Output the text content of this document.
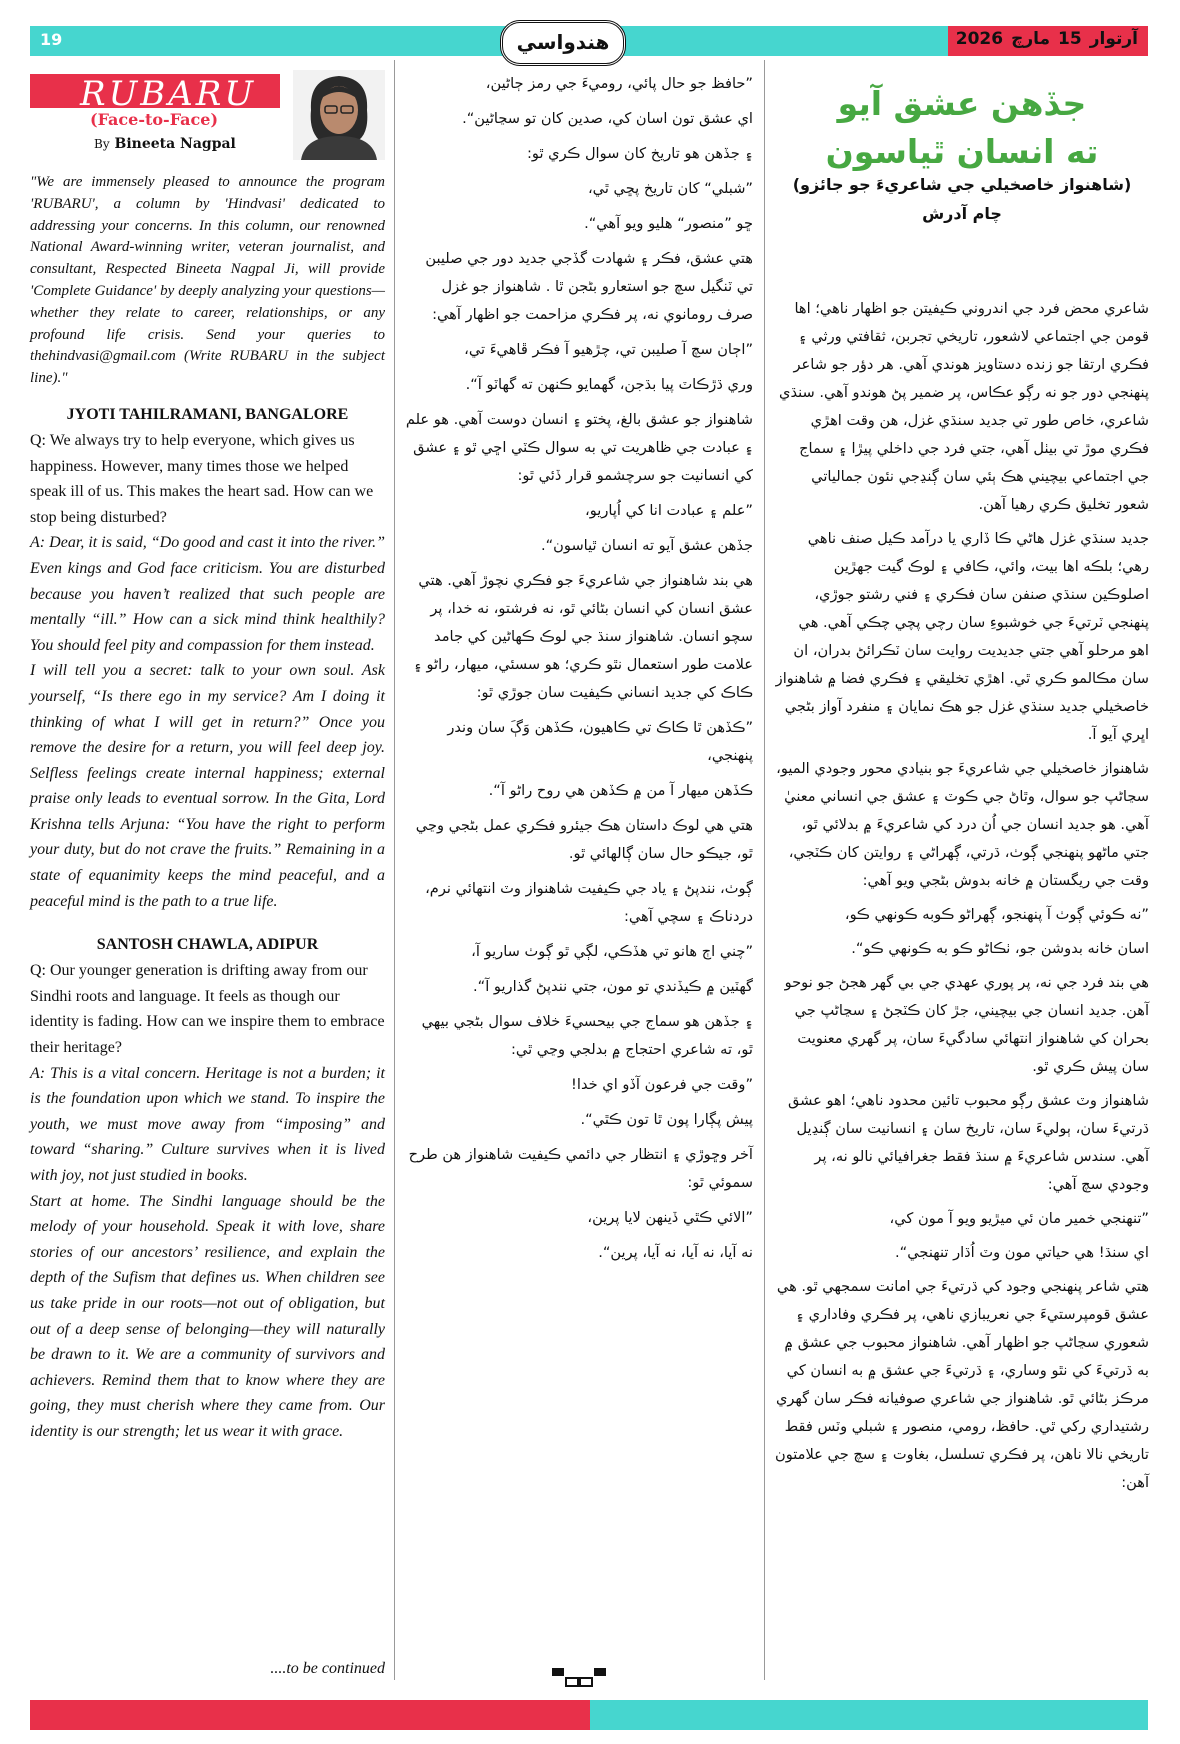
19	آرتوار15مارچ2026
هندواسي
RUBARU
(Face-to-Face)
By Bineeta Nagpal

"We are immensely pleased to announce the program 'RUBARU', a column by 'Hindvasi' dedicated to addressing your concerns. In this column, our renowned National Award-winning writer, veteran journalist, and consultant, Respected Bineeta Nagpal Ji, will provide 'Complete Guidance' by deeply analyzing your questions—whether they relate to career, relationships, or any profound life crisis. Send your queries to thehindvasi@gmail.com (Write RUBARU in the subject line)."

JYOTI TAHILRAMANI, BANGALORE

Q: We always try to help everyone, which gives us happiness. However, many times those we helped speak ill of us. This makes the heart sad. How can we stop being disturbed?

A: Dear, it is said, “Do good and cast it into the river.” Even kings and God face criticism. You are disturbed because you haven’t realized that such people are mentally “ill.” How can a sick mind think healthily? You should feel pity and compassion for them instead.

I will tell you a secret: talk to your own soul. Ask yourself, “Is there ego in my service? Am I doing it thinking of what I will get in return?” Once you remove the desire for a return, you will feel deep joy. Selfless feelings create internal happiness; external praise only leads to eventual sorrow. In the Gita, Lord Krishna tells Arjuna: “You have the right to perform your duty, but do not crave the fruits.” Remaining in a state of equanimity keeps the mind peaceful, and a peaceful mind is the path to a true life.

SANTOSH CHAWLA, ADIPUR

Q: Our younger generation is drifting away from our Sindhi roots and language. It feels as though our identity is fading. How can we inspire them to embrace their heritage?

A: This is a vital concern. Heritage is not a burden; it is the foundation upon which we stand. To inspire the youth, we must move away from “imposing” and toward “sharing.” Culture survives when it is lived with joy, not just studied in books.

Start at home. The Sindhi language should be the melody of your household. Speak it with love, share stories of our ancestors’ resilience, and explain the depth of the Sufism that defines us. When children see us take pride in our roots—not out of obligation, but out of a deep sense of belonging—they will naturally be drawn to it. We are a community of survivors and achievers. Remind them that to know where they are going, they must cherish where they came from. Our identity is our strength; let us wear it with grace.

....to be continued

”حافظ جو حال پائي، روميءَ جي رمز ڄاڻين،

اي عشق تون اسان کي، صدين کان تو سڃاڻين“.

۽ جڏهن هو تاريخ کان سوال ڪري ٿو:

”شبلي“ کان تاريخ پڇي ٿي،

ڇو ”منصور“ هليو ويو آهي“.

هتي عشق، فڪر ۽ شهادت گڏجي جديد دور جي صليبن تي ٽنگيل سچ جو استعارو بڻجن ٿا . شاهنواز جو غزل صرف رومانوي نه، پر فڪري مزاحمت جو اظهار آهي:

”اڄان سچ آ صليبن تي، چڙهيو آ فڪر ڦاهيءَ تي،

وري ڌڙڪاٽ پيا بڌجن، گهمايو ڪنهن ته گهاٽو آ“.

شاهنواز جو عشق بالغ، پختو ۽ انسان دوست آهي. هو علم ۽ عبادت جي ظاهريت تي به سوال ڪٽي اڇي ٿو ۽ عشق کي انسانيت جو سرچشمو قرار ڏئي ٿو:

”علم ۽ عبادت انا کي اُپاريو،

جڏهن عشق آيو ته انسان ٿياسون“.

هي بند شاهنواز جي شاعريءَ جو فڪري نچوڙ آهي. هتي عشق انسان کي انسان بڻائي ٿو، نه فرشتو، نه خدا، پر سچو انسان. شاهنواز سنڌ جي لوڪ ڪهاڻين کي جامد علامت طور استعمال نٿو ڪري؛ هو سسئي، ميهار، راڻو ۽ ڪاڪ کي جديد انساني ڪيفيت سان جوڙي ٿو:

”ڪڏهن ٿا ڪاڪ تي ڪاهيون، ڪڏهن وَڳَ سان وندر پنهنجي،

ڪڏهن ميهار آ من ۾ ڪڏهن هي روح راڻو آ“.

هتي هي لوڪ داستان هڪ جيئرو فڪري عمل بڻجي وڃي ٿو، جيڪو حال سان ڳالهائي ٿو.

ڳوٺ، نندپڻ ۽ ياد جي ڪيفيت شاهنواز وٽ انتهائي نرم، دردناڪ ۽ سچي آهي:

”چني اڄ هانو تي هڏڪي، لڳي ٿو ڳوٺ ساريو آ،

گهٽين ۾ ڪيڏندي تو مون، جتي نندپڻ گذاريو آ“.

۽ جڏهن هو سماج جي بيحسيءَ خلاف سوال بڻجي بيهي ٿو، ته شاعري احتجاج ۾ بدلجي وڃي ٿي:

”وقت جي فرعون آڏو اي خدا!

پيش پڳارا پون ٿا تون ڪٿي“.

آخر وڇوڙي ۽ انتظار جي دائمي ڪيفيت شاهنواز هن طرح سموئي ٿو:

”الائي ڪٿي ڏينهن لايا پرين،

نه آيا، نه آيا، نه آيا، پرين“.

جڏهن عشق آيو
ته انسان ٿياسون
(شاهنواز خاصخيلي جي شاعريءَ جو جائزو)
چام آدرش

شاعري محض فرد جي اندروني ڪيفيتن جو اظهار ناهي؛ اها قومن جي اجتماعي لاشعور، تاريخي تجربن، ثقافتي ورثي ۽ فڪري ارتقا جو زنده دستاويز هوندي آهي. هر دؤر جو شاعر پنهنجي دور جو نه رڳو عڪاس، پر ضمير پڻ هوندو آهي. سنڌي شاعري، خاص طور تي جديد سنڌي غزل، هن وقت اهڙي فڪري موڙ تي بيٺل آهي، جتي فرد جي داخلي پيڙا ۽ سماج جي اجتماعي بيچيني هڪ ٻئي سان ڳنڍجي نئون جمالياتي شعور تخليق ڪري رهيا آهن.

جديد سنڌي غزل هاڻي ڪا ڏاري يا درآمد ڪيل صنف ناهي رهي؛ بلڪه اها بيت، وائي، ڪافي ۽ لوڪ گيت جهڙين اصلوڪين سنڌي صنفن سان فڪري ۽ فني رشتو جوڙي، پنهنجي ٽرتيءَ جي خوشبوءِ سان رچي پچي چڪي آهي. هي اهو مرحلو آهي جتي جديديت روايت سان ٽڪرائڻ بدران، ان سان مڪالمو ڪري ٿي. اهڙي تخليقي ۽ فڪري فضا ۾ شاهنواز خاصخيلي جديد سنڌي غزل جو هڪ نمايان ۽ منفرد آواز بڻجي اڀري آيو آ.

شاهنواز خاصخيلي جي شاعريءَ جو بنيادي محور وجودي الميو، سڃاڻپ جو سوال، وٿاڻ جي ڪوٽ ۽ عشق جي انساني معنيٰ آهي. هو جديد انسان جي اُن درد کي شاعريءَ ۾ بدلائي ٿو، جتي ماڻهو پنهنجي ڳوٺ، ڌرتي، ڳهراڻي ۽ روايتن کان ڪٽجي، وقت جي ريگستان ۾ خانه بدوش بڻجي ويو آهي:

”نه ڪوئي ڳوٺ آ پنهنجو، ڳهراڻو ڪوبه ڪونهي ڪو،

اسان خانه بدوشن جو، ٺڪاڻو ڪو به ڪونهي ڪو“.

هي بند فرد جي نه، پر پوري عهدي جي بي گهر هجڻ جو نوحو آهن. جديد انسان جي بيچيني، جڙ کان ڪٽجڻ ۽ سڃاڻپ جي بحران کي شاهنواز انتهائي سادگيءَ سان، پر گهري معنويت سان پيش ڪري ٿو.

شاهنواز وٽ عشق رڳو محبوب تائين محدود ناهي؛ اهو عشق ڌرتيءَ سان، ٻوليءَ سان، تاريخ سان ۽ انسانيت سان ڳنڍيل آهي. سندس شاعريءَ ۾ سنڌ فقط جغرافيائي نالو نه، پر وجودي سچ آهي:

”تنهنجي خمير مان ئي ميڙيو ويو آ مون کي،

اي سنڌ! هي حياتي مون وٽ اُڌار تنهنجي“.

هتي شاعر پنهنجي وجود کي ڌرتيءَ جي امانت سمجهي ٿو. هي عشق قومپرستيءَ جي نعريبازي ناهي، پر فڪري وفاداري ۽ شعوري سڃاڻپ جو اظهار آهي. شاهنواز محبوب جي عشق ۾ به ڌرتيءَ کي نٿو وساري، ۽ ڌرتيءَ جي عشق ۾ به انسان کي مرڪز بڻائي ٿو. شاهنواز جي شاعري صوفيانه فڪر سان گهري رشتيداري رکي ٿي. حافظ، رومي، منصور ۽ شبلي وٽس فقط تاريخي نالا ناهن، پر فڪري تسلسل، بغاوت ۽ سچ جي علامتون آهن:
